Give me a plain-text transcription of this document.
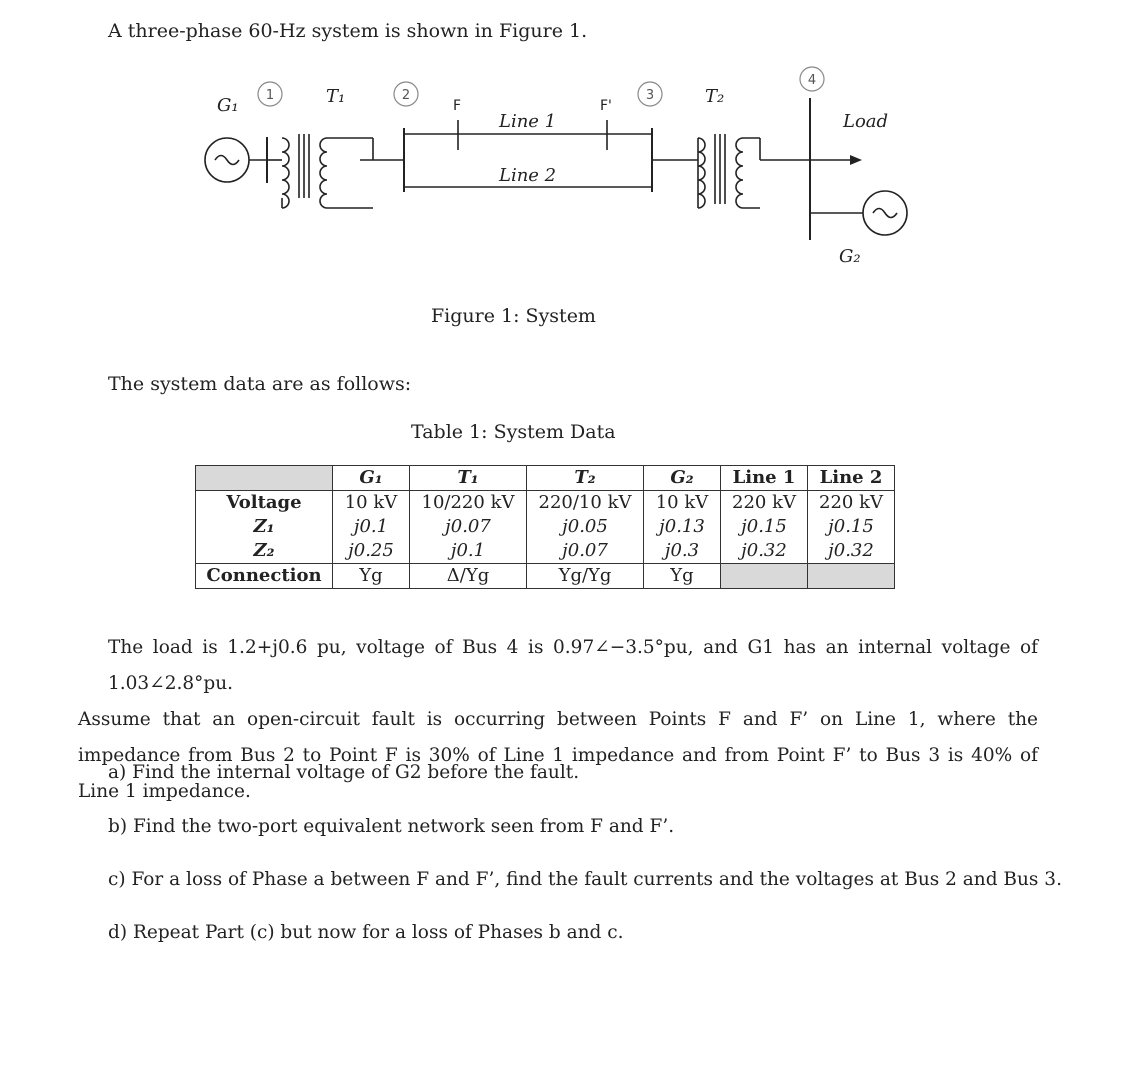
A three-phase 60-Hz system is shown in Figure 1.
1	2	3
4
G₁	T₁	T₂
G₂
Line 1
Line 2
Load
F	F'
Figure 1: System
The system data are as follows:
Table 1: System Data
	G₁	T₁	T₂	G₂	Line 1	Line 2
Voltage	10 kV	10/220 kV	220/10 kV	10 kV	220 kV	220 kV
Z₁	j0.1	j0.07	j0.05	j0.13	j0.15	j0.15
Z₂	j0.25	j0.1	j0.07	j0.3	j0.32	j0.32
Connection	Yg	Δ/Yg	Yg/Yg	Yg		
The load is 1.2+j0.6 pu, voltage of Bus 4 is 0.97∠−3.5°pu, and G1 has an internal voltage of 1.03∠2.8°pu.
Assume that an open-circuit fault is occurring between Points F and F’ on Line 1, where the impedance from Bus 2 to Point F is 30% of Line 1 impedance and from Point F’ to Bus 3 is 40% of Line 1 impedance.
a) Find the internal voltage of G2 before the fault.
b) Find the two-port equivalent network seen from F and F’.
c) For a loss of Phase a between F and F’, find the fault currents and the voltages at Bus 2 and Bus 3.
d) Repeat Part (c) but now for a loss of Phases b and c.
